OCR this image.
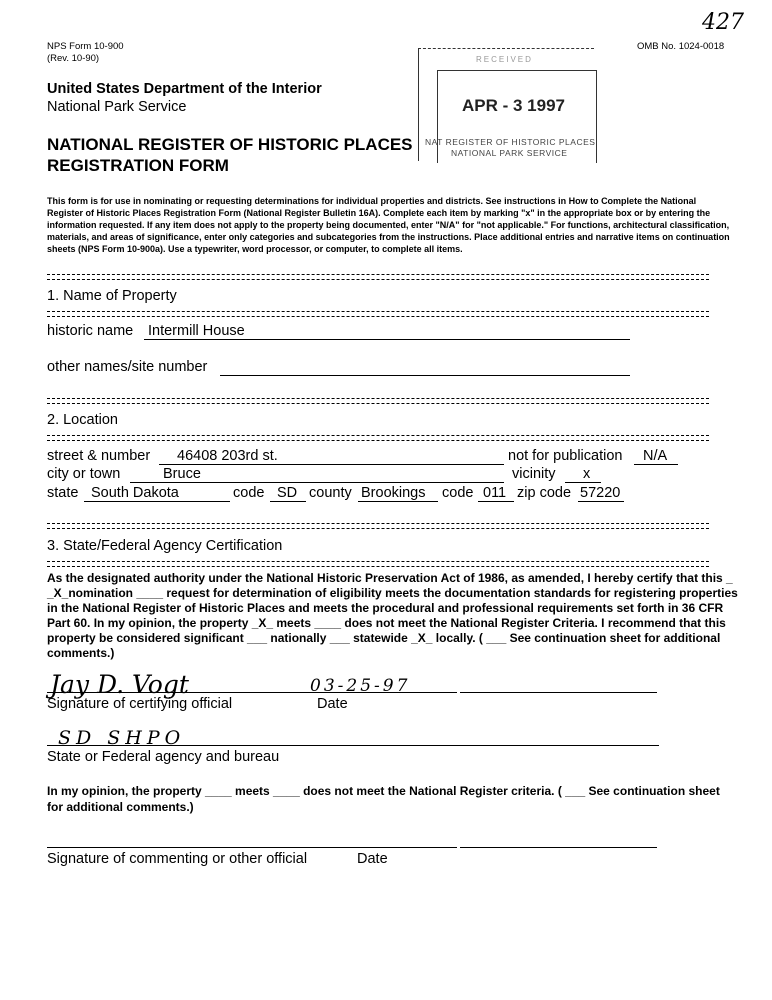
427
NPS Form 10-900
(Rev. 10-90)
OMB No. 1024-0018
United States Department of the Interior
National Park Service
NATIONAL REGISTER OF HISTORIC PLACES
REGISTRATION FORM
RECEIVED
APR - 3 1997
NAT REGISTER OF HISTORIC PLACES
NATIONAL PARK SERVICE
This form is for use in nominating or requesting determinations for individual properties and districts. See instructions in How to Complete the National
Register of Historic Places Registration Form (National Register Bulletin 16A). Complete each item by marking "x" in the appropriate box or by entering the
information requested. If any item does not apply to the property being documented, enter "N/A" for "not applicable." For functions, architectural classification,
materials, and areas of significance, enter only categories and subcategories from the instructions. Place additional entries and narrative items on continuation
sheets (NPS Form 10-900a). Use a typewriter, word processor, or computer, to complete all items.
1. Name of Property
historic name Intermill House
other names/site number
2. Location
street & number 46408 203rd st.	not for publication N/A
city or town	Bruce	vicinity x
state South Dakota	code SD county Brookings code 011 zip code 57220
3. State/Federal Agency Certification
As the designated authority under the National Historic Preservation Act of 1986, as amended, I hereby certify that this _
_X_nomination ____ request for determination of eligibility meets the documentation standards for registering properties
in the National Register of Historic Places and meets the procedural and professional requirements set forth in 36 CFR
Part 60. In my opinion, the property _X_ meets ____ does not meet the National Register Criteria. I recommend that this
property be considered significant ___ nationally ___ statewide _X_ locally. ( ___ See continuation sheet for additional
comments.)
Jay D. Vogt	03-25-97
Signature of certifying official	Date
SD SHPO
State or Federal agency and bureau
In my opinion, the property ____ meets ____ does not meet the National Register criteria. ( ___ See continuation sheet
for additional comments.)
Signature of commenting or other official	Date
